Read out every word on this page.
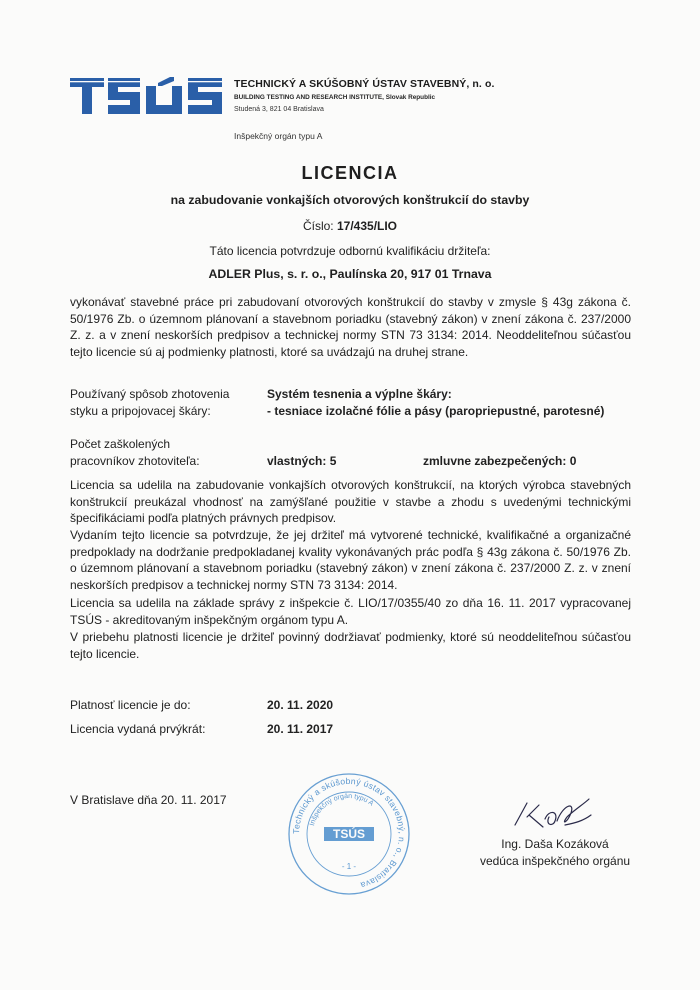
TECHNICKÝ A SKÚŠOBNÝ ÚSTAV STAVEBNÝ, n. o.
BUILDING TESTING AND RESEARCH INSTITUTE, Slovak Republic
Studená 3, 821 04 Bratislava
Inšpekčný orgán typu A
LICENCIA
na zabudovanie vonkajších otvorových konštrukcií do stavby
Číslo: 17/435/LIO
Táto licencia potvrdzuje odbornú kvalifikáciu držiteľa:
ADLER Plus, s. r. o., Paulínska 20, 917 01 Trnava
vykonávať stavebné práce pri zabudovaní otvorových konštrukcií do stavby v zmysle § 43g zákona č. 50/1976 Zb. o územnom plánovaní a stavebnom poriadku (stavebný zákon) v znení zákona č. 237/2000 Z. z. a v znení neskorších predpisov a technickej normy STN 73 3134: 2014. Neoddeliteľnou súčasťou tejto licencie sú aj podmienky platnosti, ktoré sa uvádzajú na druhej strane.
Používaný spôsob zhotovenia
styku a pripojovacej škáry:
Systém tesnenia a výplne škáry:
- tesniace izolačné fólie a pásy (paropriepustné, parotesné)
Počet zaškolených
pracovníkov zhotoviteľa:	vlastných: 5	zmluvne zabezpečených: 0
Licencia sa udelila na zabudovanie vonkajších otvorových konštrukcií, na ktorých výrobca stavebných konštrukcií preukázal vhodnosť na zamýšľané použitie v stavbe a zhodu s uvedenými technickými špecifikáciami podľa platných právnych predpisov.
Vydaním tejto licencie sa potvrdzuje, že jej držiteľ má vytvorené technické, kvalifikačné a organizačné predpoklady na dodržanie predpokladanej kvality vykonávaných prác podľa § 43g zákona č. 50/1976 Zb. o územnom plánovaní a stavebnom poriadku (stavebný zákon) v znení zákona č. 237/2000 Z. z. v znení neskorších predpisov a technickej normy STN 73 3134: 2014.
Licencia sa udelila na základe správy z inšpekcie č. LIO/17/0355/40 zo dňa 16. 11. 2017 vypracovanej TSÚS - akreditovaným inšpekčným orgánom typu A.
V priebehu platnosti licencie je držiteľ povinný dodržiavať podmienky, ktoré sú neoddeliteľnou súčasťou tejto licencie.
Platnosť licencie je do:	20. 11. 2020
Licencia vydaná prvýkrát:	20. 11. 2017
V Bratislave dňa 20. 11. 2017
Technický a skúšobný ústav stavebný, n. o., Bratislava
Inšpekčný orgán typu A
TSÚS
- 1 -
Ing. Daša Kozáková
vedúca inšpekčného orgánu
